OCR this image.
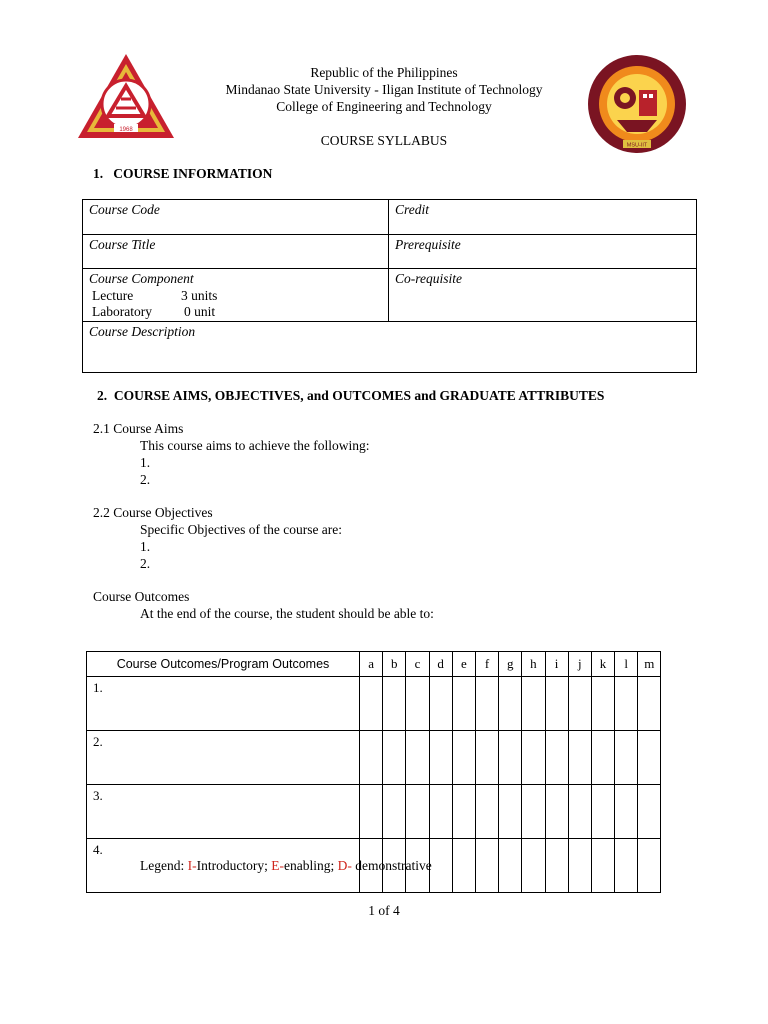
1968
MSU-IIT
Republic of the Philippines
Mindanao State University - Iligan Institute of Technology
College of Engineering and Technology
COURSE SYLLABUS
1.   COURSE INFORMATION
Course Code	Credit
Course Title	Prerequisite

Course Component
Lecture 3 units
Laboratory 0 unit	Co-requisite
Course Description	
2.  COURSE AIMS, OBJECTIVES, and OUTCOMES and GRADUATE ATTRIBUTES
2.1 Course Aims
This course aims to achieve the following:
1.
2.
2.2 Course Objectives
Specific Objectives of the course are:
1.
2.
Course Outcomes
At the end of the course, the student should be able to:
Course Outcomes/Program Outcomes	a	b	c	d	e	f	g	h	i	j	k	l	m
1.													
2.													
3.													
4.													
Legend: I-Introductory; E-enabling; D- demonstrative
1 of 4
